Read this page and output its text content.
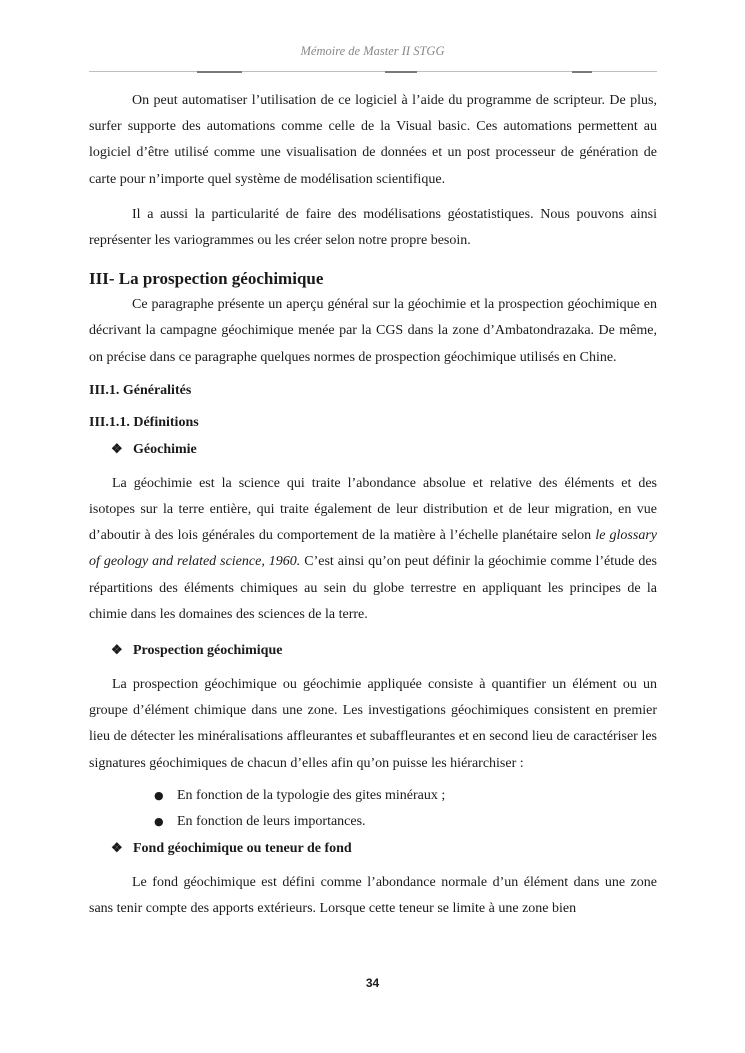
Mémoire de Master II STGG

On peut automatiser l’utilisation de ce logiciel à l’aide du programme de scripteur. De plus, surfer supporte des automations comme celle de la Visual basic. Ces automations permettent au logiciel d’être utilisé comme une visualisation de données et un post processeur de génération de carte pour n’importe quel système de modélisation scientifique.

Il a aussi la particularité de faire des modélisations géostatistiques. Nous pouvons ainsi représenter les variogrammes ou les créer selon notre propre besoin.

III- La prospection géochimique

Ce paragraphe présente un aperçu général sur la géochimie et la prospection géochimique en décrivant la campagne géochimique menée par la CGS dans la zone d’Ambatondrazaka. De même, on précise dans ce paragraphe quelques normes de prospection géochimique utilisés en Chine.

III.1. Généralités
III.1.1. Définitions
❖ Géochimie

La géochimie est la science qui traite l’abondance absolue et relative des éléments et des isotopes sur la terre entière, qui traite également de leur distribution et de leur migration, en vue d’aboutir à des lois générales du comportement de la matière à l’échelle planétaire selon le glossary of geology and related science, 1960. C’est ainsi qu’on peut définir la géochimie comme l’étude des répartitions des éléments chimiques au sein du globe terrestre en appliquant les principes de la chimie dans les domaines des sciences de la terre.

❖ Prospection géochimique

La prospection géochimique ou géochimie appliquée consiste à quantifier un élément ou un groupe d’élément chimique dans une zone. Les investigations géochimiques consistent en premier lieu de détecter les minéralisations affleurantes et subaffleurantes et en second lieu de caractériser les signatures géochimiques de chacun d’elles afin qu’on puisse les hiérarchiser :

● En fonction de la typologie des gites minéraux ;
● En fonction de leurs importances.
❖ Fond géochimique ou teneur de fond

Le fond géochimique est défini comme l’abondance normale d’un élément dans une zone sans tenir compte des apports extérieurs. Lorsque cette teneur se limite à une zone bien

34
